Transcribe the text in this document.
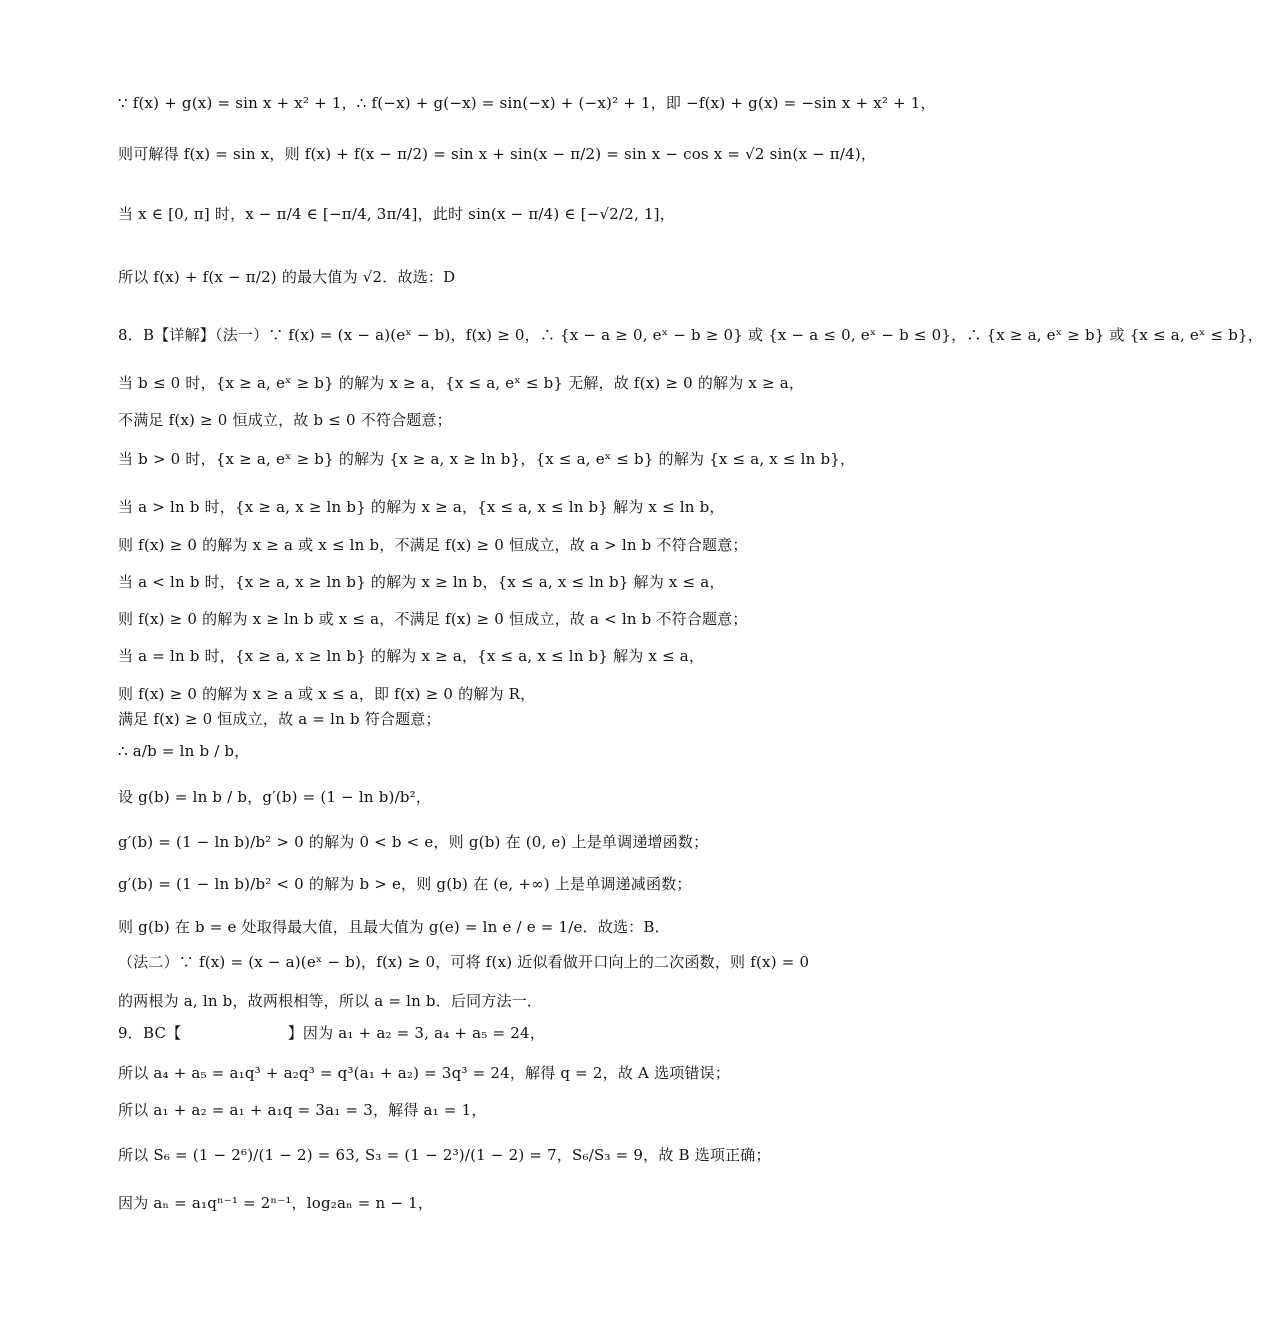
∵ f(x) + g(x) = sin x + x² + 1，∴ f(−x) + g(−x) = sin(−x) + (−x)² + 1，即 −f(x) + g(x) = −sin x + x² + 1，
则可解得 f(x) = sin x，则 f(x) + f(x − π/2) = sin x + sin(x − π/2) = sin x − cos x = √2 sin(x − π/4)，
当 x ∈ [0, π] 时，x − π/4 ∈ [−π/4, 3π/4]，此时 sin(x − π/4) ∈ [−√2/2, 1]，
所以 f(x) + f(x − π/2) 的最大值为 √2．故选：D
8．B【详解】（法一）∵ f(x) = (x − a)(eˣ − b)，f(x) ≥ 0，∴ {x − a ≥ 0, eˣ − b ≥ 0} 或 {x − a ≤ 0, eˣ − b ≤ 0}，∴ {x ≥ a, eˣ ≥ b} 或 {x ≤ a, eˣ ≤ b}，
当 b ≤ 0 时，{x ≥ a, eˣ ≥ b} 的解为 x ≥ a，{x ≤ a, eˣ ≤ b} 无解，故 f(x) ≥ 0 的解为 x ≥ a，
不满足 f(x) ≥ 0 恒成立，故 b ≤ 0 不符合题意；
当 b > 0 时，{x ≥ a, eˣ ≥ b} 的解为 {x ≥ a, x ≥ ln b}，{x ≤ a, eˣ ≤ b} 的解为 {x ≤ a, x ≤ ln b}，
当 a > ln b 时，{x ≥ a, x ≥ ln b} 的解为 x ≥ a，{x ≤ a, x ≤ ln b} 解为 x ≤ ln b，
则 f(x) ≥ 0 的解为 x ≥ a 或 x ≤ ln b，不满足 f(x) ≥ 0 恒成立，故 a > ln b 不符合题意；
当 a < ln b 时，{x ≥ a, x ≥ ln b} 的解为 x ≥ ln b，{x ≤ a, x ≤ ln b} 解为 x ≤ a，
则 f(x) ≥ 0 的解为 x ≥ ln b 或 x ≤ a，不满足 f(x) ≥ 0 恒成立，故 a < ln b 不符合题意；
当 a = ln b 时，{x ≥ a, x ≥ ln b} 的解为 x ≥ a，{x ≤ a, x ≤ ln b} 解为 x ≤ a，
则 f(x) ≥ 0 的解为 x ≥ a 或 x ≤ a，即 f(x) ≥ 0 的解为 R，
满足 f(x) ≥ 0 恒成立，故 a = ln b 符合题意；
∴ a/b = ln b / b，
设 g(b) = ln b / b，g′(b) = (1 − ln b)/b²，
g′(b) = (1 − ln b)/b² > 0 的解为 0 < b < e，则 g(b) 在 (0, e) 上是单调递增函数；
g′(b) = (1 − ln b)/b² < 0 的解为 b > e，则 g(b) 在 (e, +∞) 上是单调递减函数；
则 g(b) 在 b = e 处取得最大值，且最大值为 g(e) = ln e / e = 1/e．故选：B．
（法二）∵ f(x) = (x − a)(eˣ − b)，f(x) ≥ 0，可将 f(x) 近似看做开口向上的二次函数，则 f(x) = 0
的两根为 a, ln b，故两根相等，所以 a = ln b．后同方法一．
9．BC【　　　　　　　】因为 a₁ + a₂ = 3, a₄ + a₅ = 24，
所以 a₄ + a₅ = a₁q³ + a₂q³ = q³(a₁ + a₂) = 3q³ = 24，解得 q = 2，故 A 选项错误；
所以 a₁ + a₂ = a₁ + a₁q = 3a₁ = 3，解得 a₁ = 1，
所以 S₆ = (1 − 2⁶)/(1 − 2) = 63, S₃ = (1 − 2³)/(1 − 2) = 7，S₆/S₃ = 9，故 B 选项正确；
因为 aₙ = a₁qⁿ⁻¹ = 2ⁿ⁻¹，log₂aₙ = n − 1，
